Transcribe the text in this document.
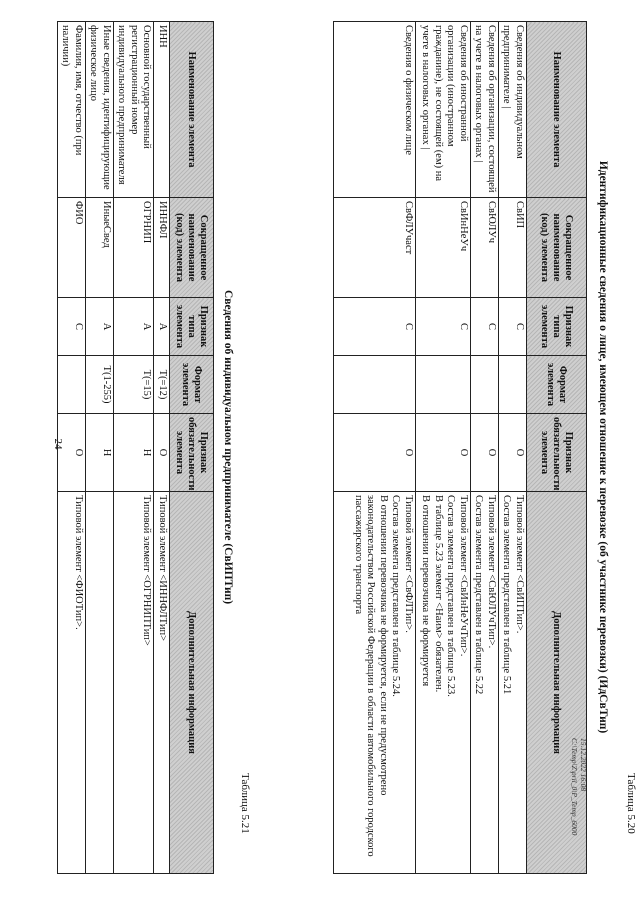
24
Таблица 5.20
Идентификационные сведения о лице, имеющем отношение к перевозке (об участнике перевозки) (ИдСвТип)
Наименование элемента	Сокращенное наименование (код) элемента	Признак типа элемента	Формат элемента	Признак обязательности элемента	Дополнительная информация
Сведения об индивидуальном предпринимателе |	СвИП	С		О	Типовой элемент <СвИПТип>.
Состав элемента представлен в таблице 5.21
Сведения об организации, состоящей на учете в налоговых органах |	СвЮЛУч	С		О	Типовой элемент <СвЮЛУчТип>.
Состав элемента представлен в таблице 5.22
Сведения об иностранной организации (иностранном гражданине), не состоящей (ем) на учете в налоговых органах |	СвИнНеУч	С		О	Типовой элемент <СвИнНеУчТип>.
Состав элемента представлен в таблице 5.23.
В таблице 5.23 элемент <Наим> обязателен.
В отношении перевозчика не формируется
Сведения о физическом лице	СвФЛУчаст	С		О	Типовой элемент <СвФЛТип>.
Состав элемента представлен в таблице 5.24.
В отношении перевозчика не формируется, если не предусмотрено законодательством Российской Федерации в области автомобильного городского пассажирского транспорта
Таблица 5.21
Сведения об индивидуальном предпринимателе (СвИПТип)
Наименование элемента	Сокращенное наименование (код) элемента	Признак типа элемента	Формат элемента	Признак обязательности элемента	Дополнительная информация
ИНН	ИННФЛ	А	T(=12)	О	Типовой элемент <ИННФЛТип>
Основной государственный регистрационный номер индивидуального предпринимателя	ОГРНИП	А	T(=15)	Н	Типовой элемент <ОГРНИПТип>
Иные сведения, идентифицирующие физическое лицо	ИныеСвед	А	T(1-255)	Н	
Фамилия, имя, отчество (при наличии)	ФИО	С		О	Типовой элемент <ФИОТип>.
15.12.2022 16:08
C:\Temp\Z\pril_0\P_Temp_6000
